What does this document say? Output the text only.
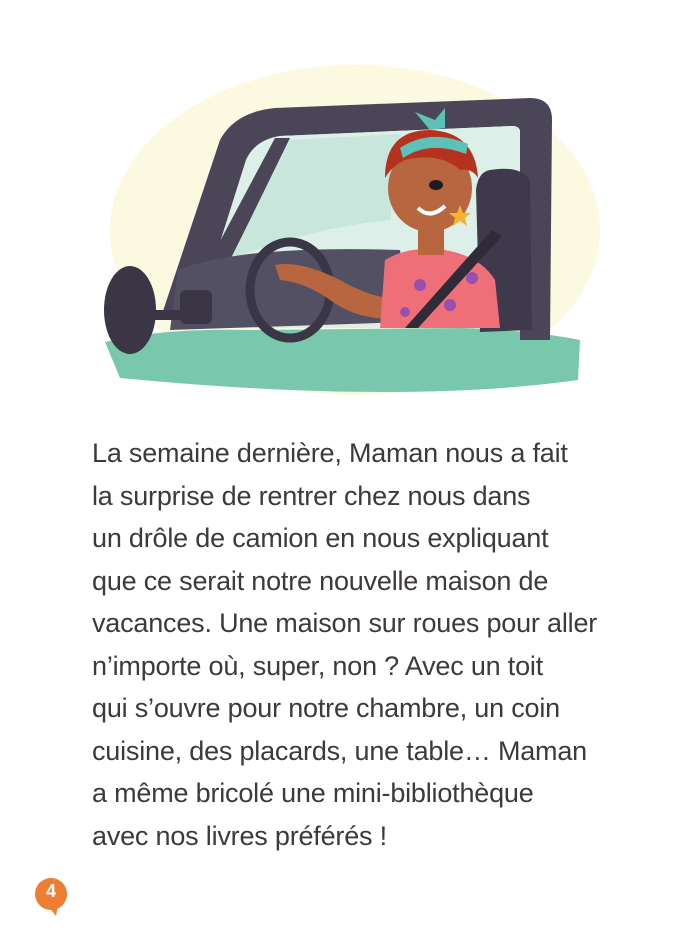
La semaine dernière, Maman nous a fait
la surprise de rentrer chez nous dans
un drôle de camion en nous expliquant
que ce serait notre nouvelle maison de
vacances. Une maison sur roues pour aller
n’importe où, super, non ? Avec un toit
qui s’ouvre pour notre chambre, un coin
cuisine, des placards, une table… Maman
a même bricolé une mini-bibliothèque
avec nos livres préférés !

4
